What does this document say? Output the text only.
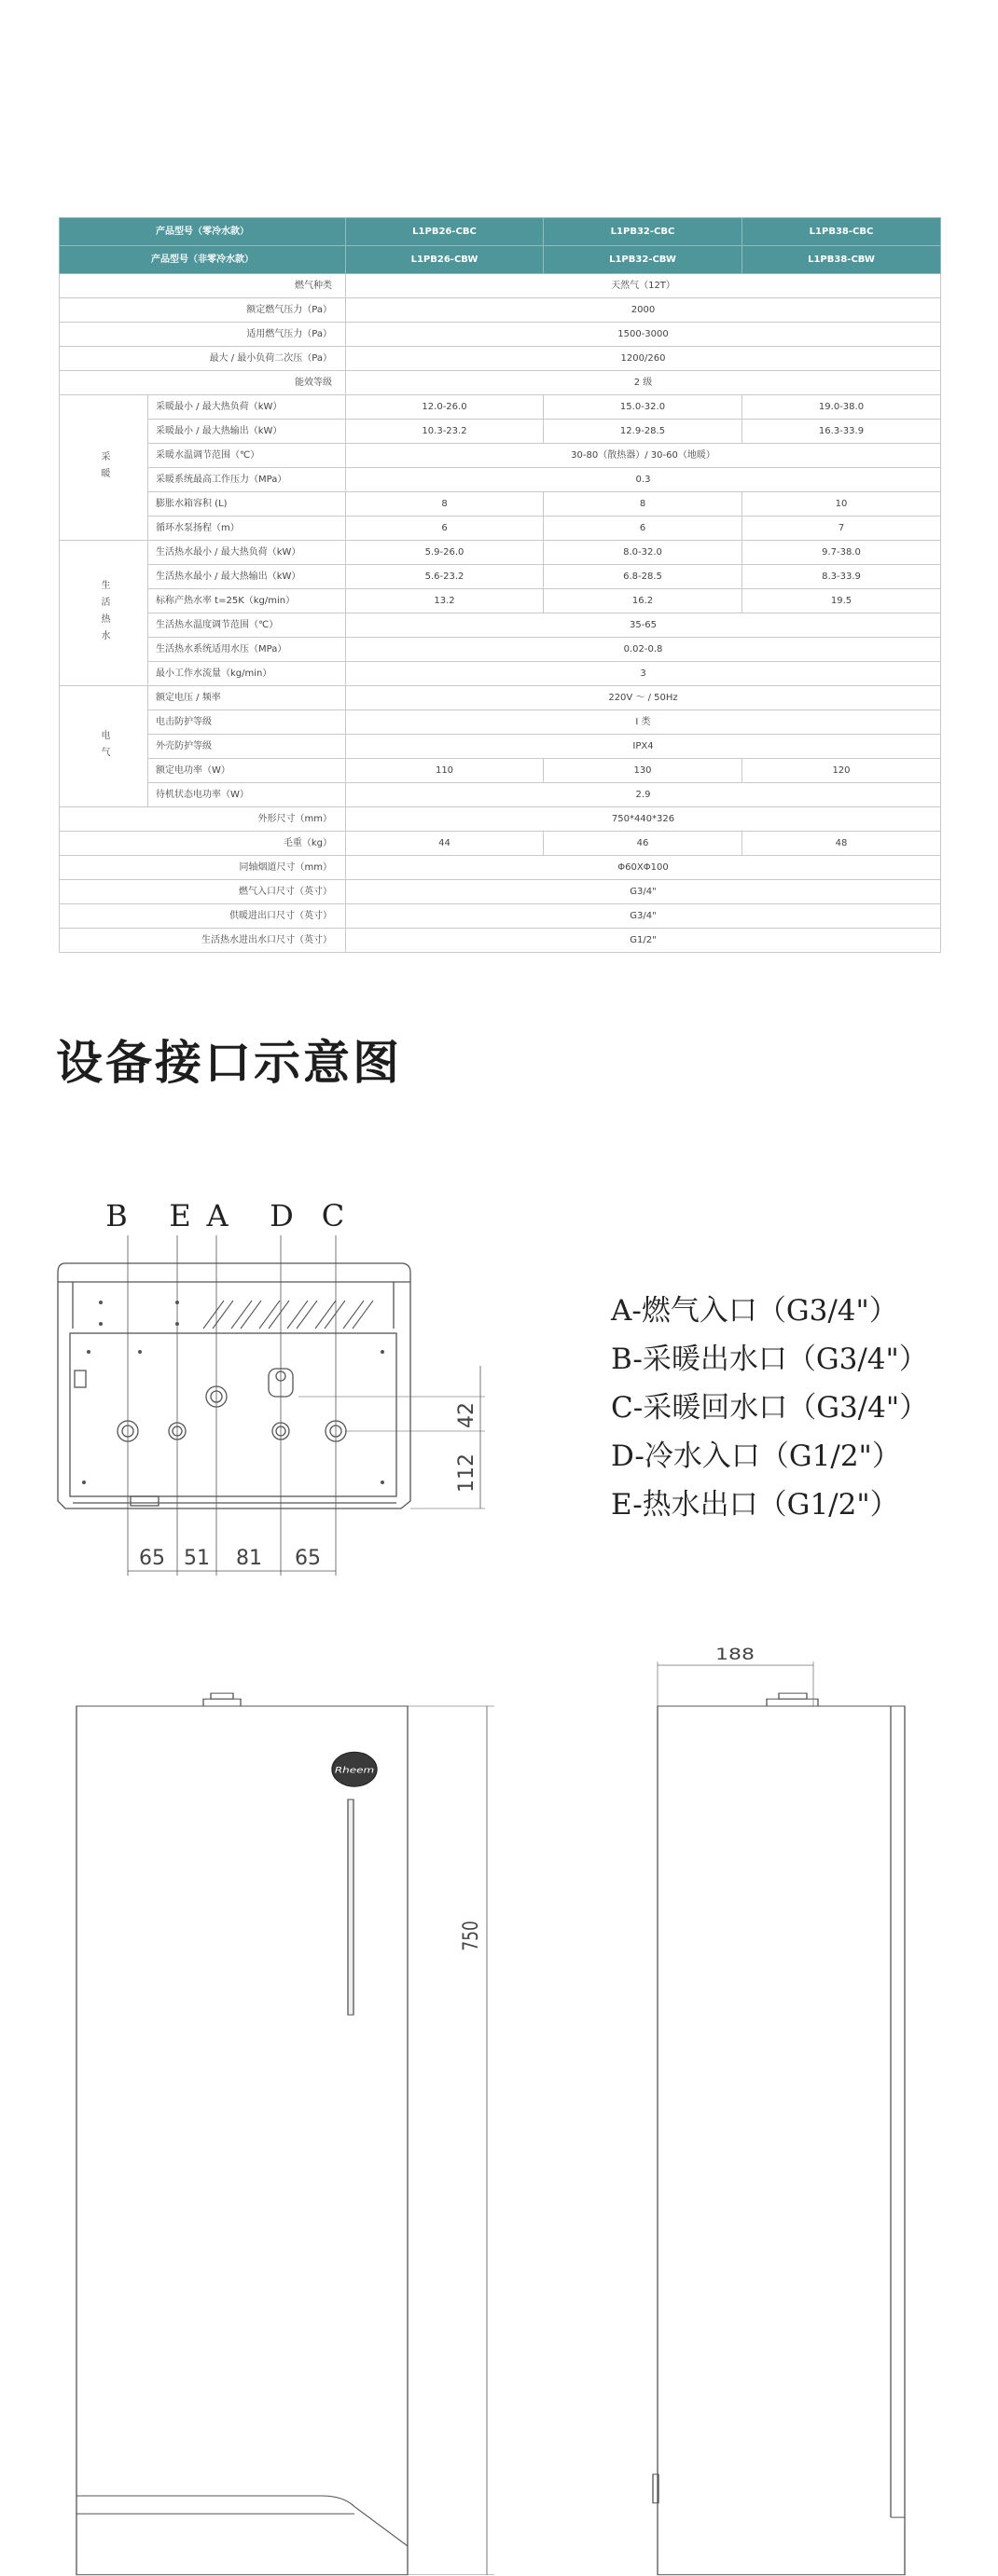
产品型号（零冷水款）		L1PB26-CBC	L1PB32-CBC	L1PB38-CBC
产品型号（非零冷水款）		L1PB26-CBW	L1PB32-CBW	L1PB38-CBW
燃气种类		天然气（12T）		
额定燃气压力（Pa）		2000		
适用燃气压力（Pa）		1500-3000		
最大 / 最小负荷二次压（Pa）		1200/260		
能效等级		2 级		
采暖	采暖最小 / 最大热负荷（kW）	12.0-26.0	15.0-32.0	19.0-38.0
	采暖最小 / 最大热输出（kW）	10.3-23.2	12.9-28.5	16.3-33.9
	采暖水温调节范围（℃）	30-80（散热器）/ 30-60（地暖）		
	采暖系统最高工作压力（MPa）	0.3		
	膨胀水箱容积 (L)	8	8	10
	循环水泵扬程（m）	6	6	7
生活热水	生活热水最小 / 最大热负荷（kW）	5.9-26.0	8.0-32.0	9.7-38.0
	生活热水最小 / 最大热输出（kW）	5.6-23.2	6.8-28.5	8.3-33.9
	标称产热水率 t=25K（kg/min）	13.2	16.2	19.5
	生活热水温度调节范围（℃）	35-65		
	生活热水系统适用水压（MPa）	0.02-0.8		
	最小工作水流量（kg/min）	3		
电气	额定电压 / 频率	220V ～ / 50Hz		
	电击防护等级	I 类		
	外壳防护等级	IPX4		
	额定电功率（W）	110	130	120
	待机状态电功率（W）	2.9		
外形尺寸（mm）		750*440*326		
毛重（kg）		44	46	48
同轴烟道尺寸（mm）		Φ60XΦ100		
燃气入口尺寸（英寸）		G3/4"		
供暖进出口尺寸（英寸）		G3/4"		
生活热水进出水口尺寸（英寸）		G1/2"		
设备接口示意图
A-燃气入口（G3/4"）
B-采暖出水口（G3/4"）
C-采暖回水口（G3/4"）
D-冷水入口（G1/2"）
E-热水出口（G1/2"）
B E A D C
65 51 81 65
42
112
Rheem
750
188
